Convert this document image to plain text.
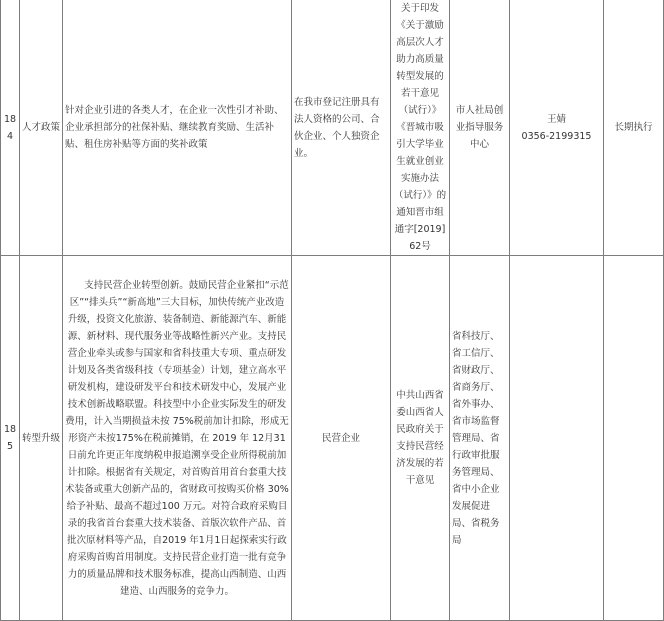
184	人才政策	针对企业引进的各类人才，在企业一次性引才补助、企业承担部分的社保补贴、继续教育奖励、生活补贴、租住房补贴等方面的奖补政策	在我市登记注册具有法人资格的公司、合伙企业、个人独资企业。	关于印发《关于激励高层次人才助力高质量转型发展的若干意见（试行）》《晋城市吸引大学毕业生就业创业实施办法（试行）》的通知晋市组通字[2019]62号	市人社局创业指导服务中心	王婧
0356-2199315	长期执行
185	转型升级	支持民营企业转型创新。鼓励民营企业紧扣“示范区”“排头兵”“新高地”三大目标，加快传统产业改造升级，投资文化旅游、装备制造、新能源汽车、新能源、新材料、现代服务业等战略性新兴产业。支持民营企业牵头或参与国家和省科技重大专项、重点研发计划及各类省级科技（专项基金）计划，建立高水平研发机构，建设研发平台和技术研发中心，发展产业技术创新战略联盟。科技型中小企业实际发生的研发费用，计入当期损益未按 75%税前加计扣除，形成无形资产未按175%在税前摊销，在 2019 年 12月31日前允许更正年度纳税申报追溯享受企业所得税前加计扣除。根据省有关规定，对首购首用首台套重大技术装备或重大创新产品的，省财政可按购买价格 30%给予补贴、最高不超过100 万元。对符合政府采购目录的我省首台套重大技术装备、首版次软件产品、首批次原材料等产品，自2019 年1月1日起探索实行政府采购首购首用制度。支持民营企业打造一批有竞争力的质量品牌和技术服务标准，提高山西制造、山西建造、山西服务的竞争力。	民营企业	中共山西省委山西省人民政府关于支持民营经济发展的若干意见	省科技厅、省工信厅、省财政厅、省商务厅、省外事办、省市场监督管理局、省行政审批服务管理局、省中小企业发展促进局、省税务局	
